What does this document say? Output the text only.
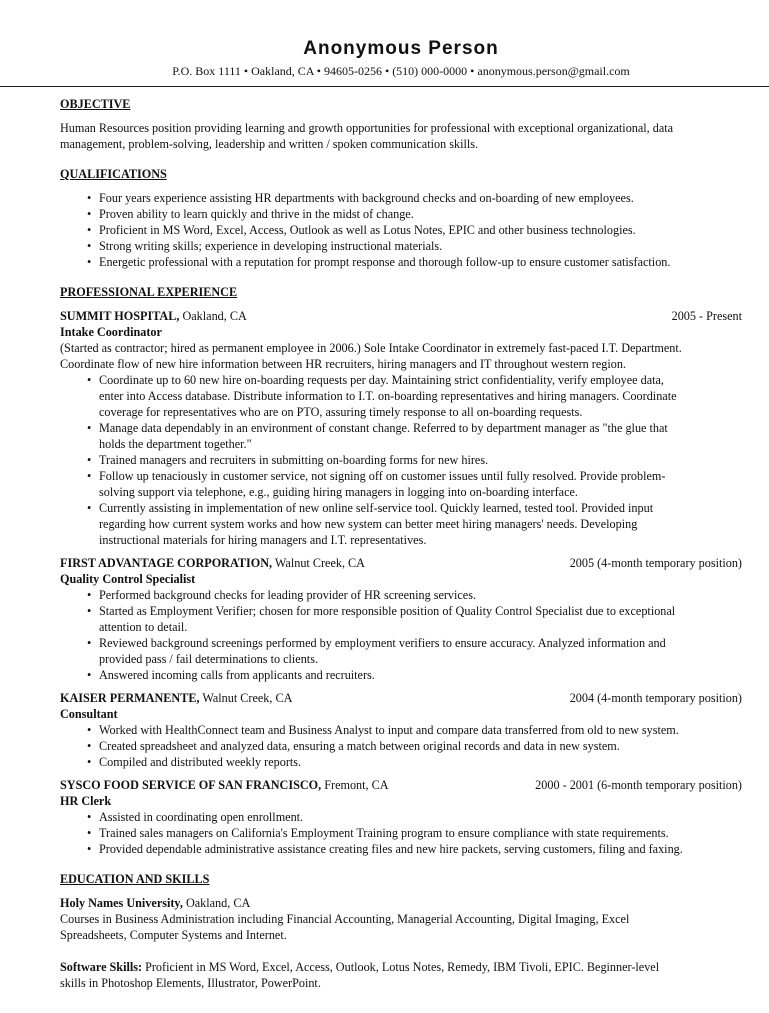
Anonymous Person
P.O. Box 1111 • Oakland, CA • 94605-0256 • (510) 000-0000 • anonymous.person@gmail.com
OBJECTIVE
Human Resources position providing learning and growth opportunities for professional with exceptional organizational, data
management, problem-solving, leadership and written / spoken communication skills.
QUALIFICATIONS
Four years experience assisting HR departments with background checks and on-boarding of new employees.
•
Proven ability to learn quickly and thrive in the midst of change.
•
Proficient in MS Word, Excel, Access, Outlook as well as Lotus Notes, EPIC and other business technologies.
•
Strong writing skills; experience in developing instructional materials.
•
Energetic professional with a reputation for prompt response and thorough follow-up to ensure customer satisfaction.
•
PROFESSIONAL EXPERIENCE
SUMMIT HOSPITAL, Oakland, CA	2005 - Present
Intake Coordinator
(Started as contractor; hired as permanent employee in 2006.) Sole Intake Coordinator in extremely fast-paced I.T. Department.
Coordinate flow of new hire information between HR recruiters, hiring managers and IT throughout western region.
Coordinate up to 60 new hire on-boarding requests per day. Maintaining strict confidentiality, verify employee data,
•
enter into Access database. Distribute information to I.T. on-boarding representatives and hiring managers. Coordinate
coverage for representatives who are on PTO, assuring timely response to all on-boarding requests.
Manage data dependably in an environment of constant change. Referred to by department manager as "the glue that
•
holds the department together."
Trained managers and recruiters in submitting on-boarding forms for new hires.
•
Follow up tenaciously in customer service, not signing off on customer issues until fully resolved. Provide problem-
•
solving support via telephone, e.g., guiding hiring managers in logging into on-boarding interface.
Currently assisting in implementation of new online self-service tool. Quickly learned, tested tool. Provided input
•
regarding how current system works and how new system can better meet hiring managers' needs. Developing
instructional materials for hiring managers and I.T. representatives.
FIRST ADVANTAGE CORPORATION, Walnut Creek, CA	2005 (4-month temporary position)
Quality Control Specialist
Performed background checks for leading provider of HR screening services.
•
Started as Employment Verifier; chosen for more responsible position of Quality Control Specialist due to exceptional
•
attention to detail.
Reviewed background screenings performed by employment verifiers to ensure accuracy. Analyzed information and
•
provided pass / fail determinations to clients.
Answered incoming calls from applicants and recruiters.
•
KAISER PERMANENTE, Walnut Creek, CA	2004 (4-month temporary position)
Consultant
Worked with HealthConnect team and Business Analyst to input and compare data transferred from old to new system.
•
Created spreadsheet and analyzed data, ensuring a match between original records and data in new system.
•
Compiled and distributed weekly reports.
•
SYSCO FOOD SERVICE OF SAN FRANCISCO, Fremont, CA	2000 - 2001 (6-month temporary position)
HR Clerk
Assisted in coordinating open enrollment.
•
Trained sales managers on California's Employment Training program to ensure compliance with state requirements.
•
Provided dependable administrative assistance creating files and new hire packets, serving customers, filing and faxing.
•
EDUCATION AND SKILLS
Holy Names University, Oakland, CA
Courses in Business Administration including Financial Accounting, Managerial Accounting, Digital Imaging, Excel
Spreadsheets, Computer Systems and Internet.
Software Skills: Proficient in MS Word, Excel, Access, Outlook, Lotus Notes, Remedy, IBM Tivoli, EPIC. Beginner-level
skills in Photoshop Elements, Illustrator, PowerPoint.
